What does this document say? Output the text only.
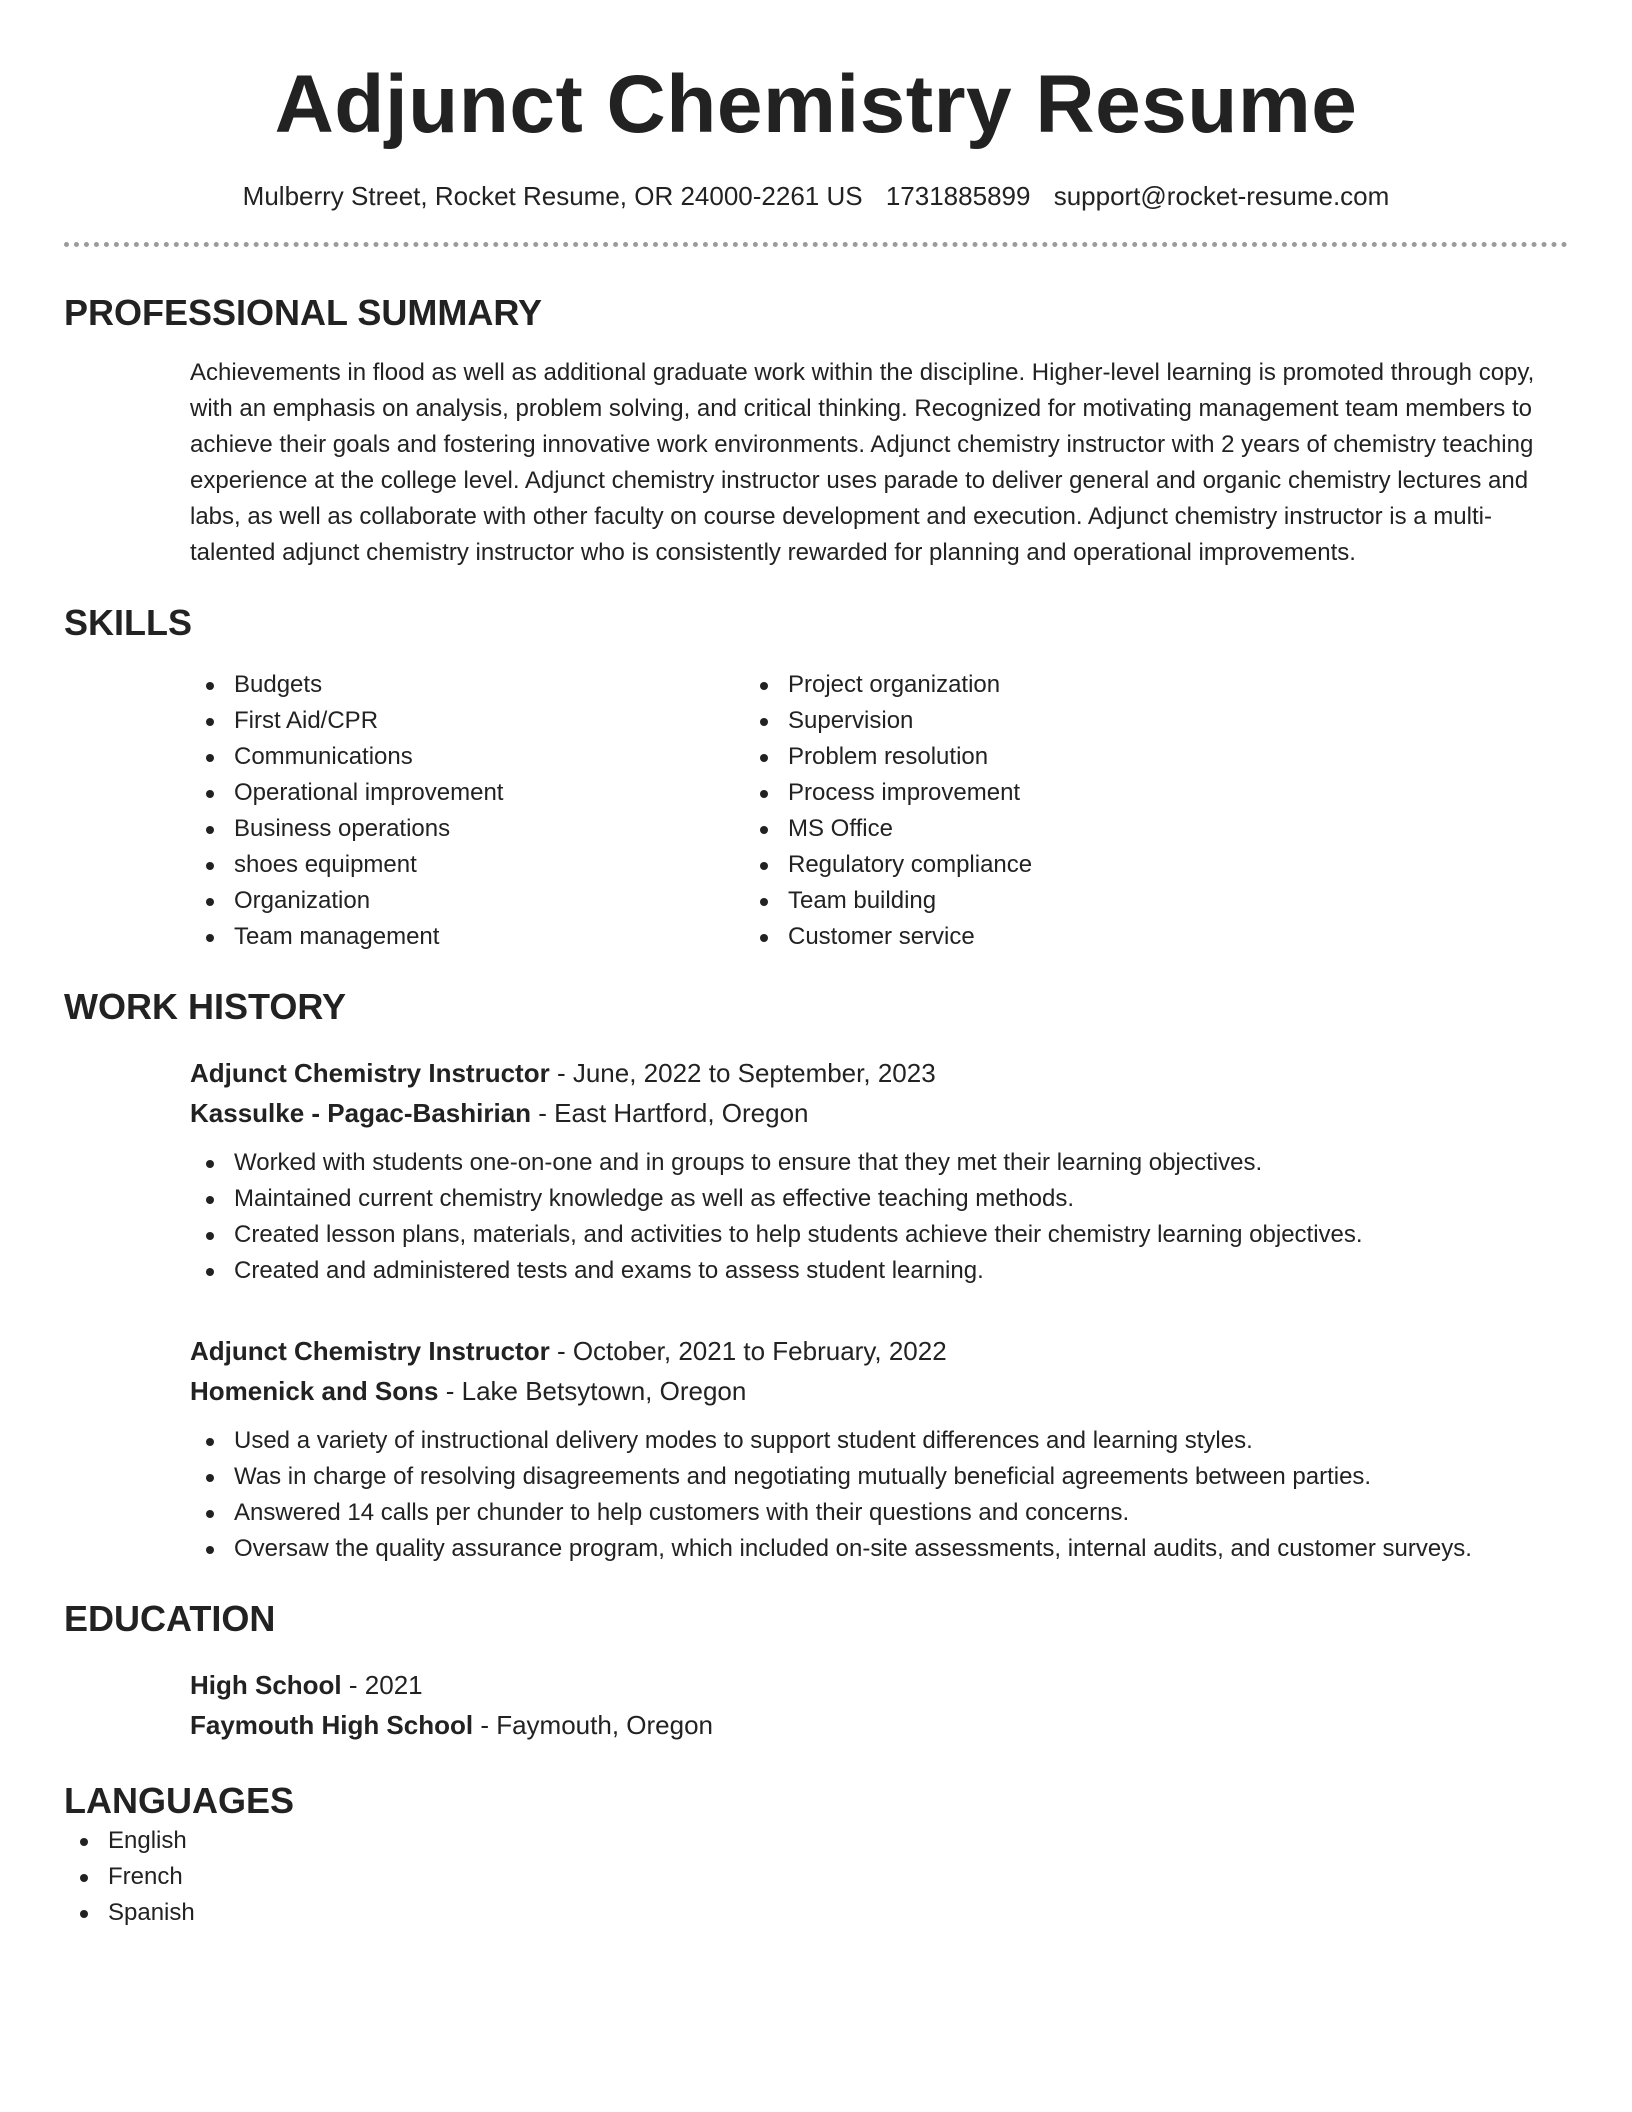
Adjunct Chemistry Resume
Mulberry Street, Rocket Resume, OR 24000-2261 US 1731885899 support@rocket-resume.com
PROFESSIONAL SUMMARY
Achievements in flood as well as additional graduate work within the discipline. Higher-level learning is promoted through copy, with an emphasis on analysis, problem solving, and critical thinking. Recognized for motivating management team members to achieve their goals and fostering innovative work environments. Adjunct chemistry instructor with 2 years of chemistry teaching experience at the college level. Adjunct chemistry instructor uses parade to deliver general and organic chemistry lectures and labs, as well as collaborate with other faculty on course development and execution. Adjunct chemistry instructor is a multi-talented adjunct chemistry instructor who is consistently rewarded for planning and operational improvements.
SKILLS
Budgets
First Aid/CPR
Communications
Operational improvement
Business operations
shoes equipment
Organization
Team management
Project organization
Supervision
Problem resolution
Process improvement
MS Office
Regulatory compliance
Team building
Customer service
WORK HISTORY
Adjunct Chemistry Instructor - June, 2022 to September, 2023
Kassulke - Pagac-Bashirian - East Hartford, Oregon
Worked with students one-on-one and in groups to ensure that they met their learning objectives.
Maintained current chemistry knowledge as well as effective teaching methods.
Created lesson plans, materials, and activities to help students achieve their chemistry learning objectives.
Created and administered tests and exams to assess student learning.
Adjunct Chemistry Instructor - October, 2021 to February, 2022
Homenick and Sons - Lake Betsytown, Oregon
Used a variety of instructional delivery modes to support student differences and learning styles.
Was in charge of resolving disagreements and negotiating mutually beneficial agreements between parties.
Answered 14 calls per chunder to help customers with their questions and concerns.
Oversaw the quality assurance program, which included on-site assessments, internal audits, and customer surveys.
EDUCATION
High School - 2021
Faymouth High School - Faymouth, Oregon
LANGUAGES
English
French
Spanish
